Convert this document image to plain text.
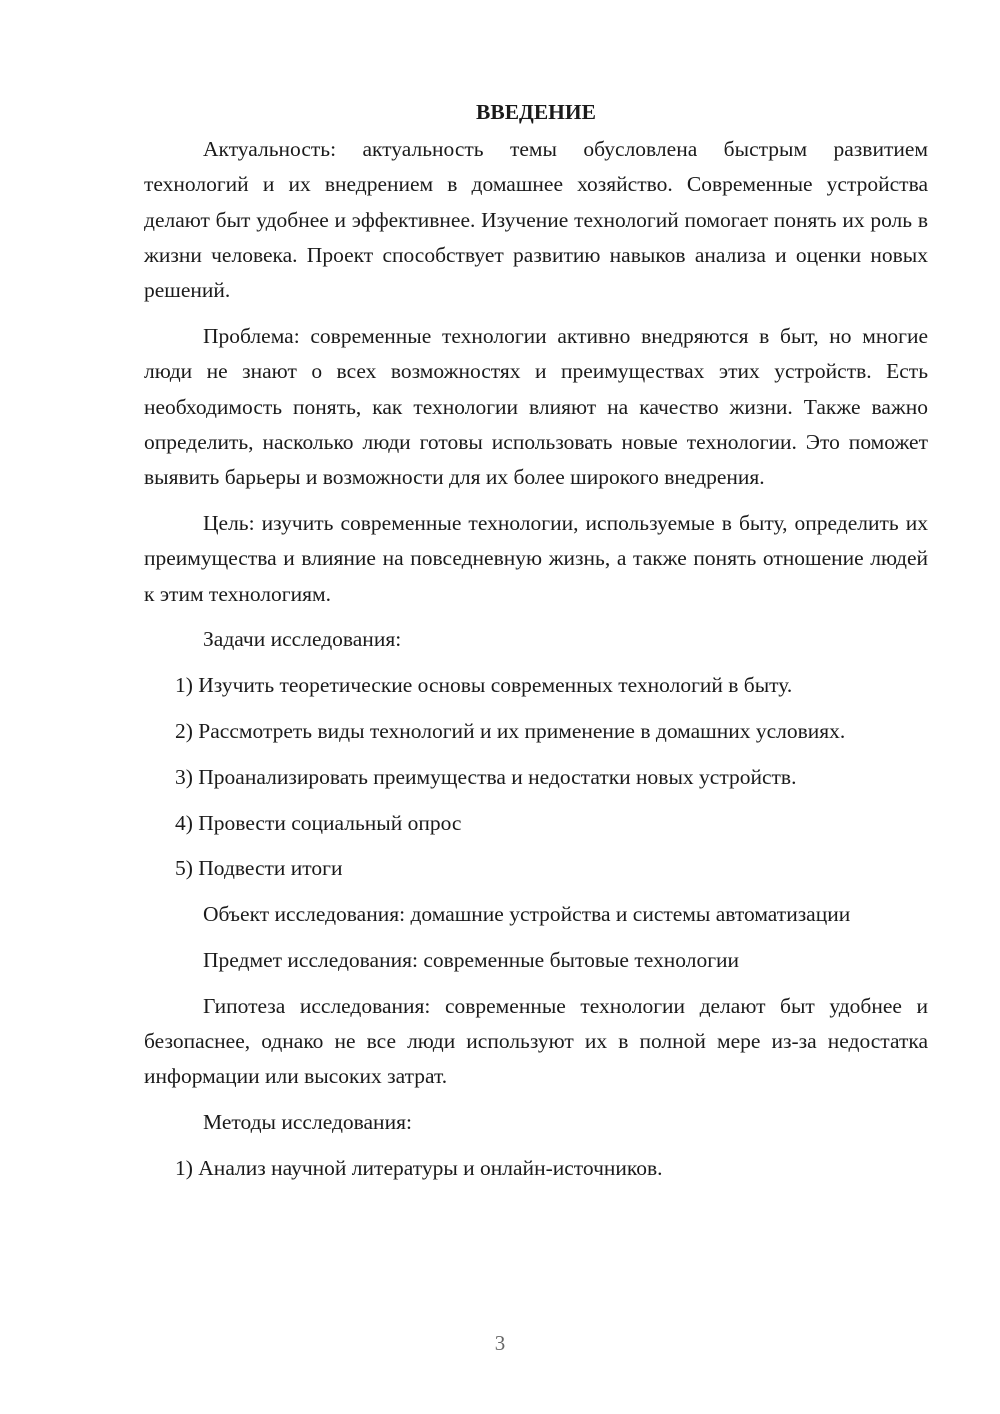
ВВЕДЕНИЕ

Актуальность: актуальность темы обусловлена быстрым развитием технологий и их внедрением в домашнее хозяйство. Современные устройства делают быт удобнее и эффективнее. Изучение технологий помогает понять их роль в жизни человека. Проект способствует развитию навыков анализа и оценки новых решений.

Проблема: современные технологии активно внедряются в быт, но многие люди не знают о всех возможностях и преимуществах этих устройств. Есть необходимость понять, как технологии влияют на качество жизни. Также важно определить, насколько люди готовы использовать новые технологии. Это поможет выявить барьеры и возможности для их более широкого внедрения.

Цель: изучить современные технологии, используемые в быту, определить их преимущества и влияние на повседневную жизнь, а также понять отношение людей к этим технологиям.

Задачи исследования:

1) Изучить теоретические основы современных технологий в быту.

2) Рассмотреть виды технологий и их применение в домашних условиях.

3) Проанализировать преимущества и недостатки новых устройств.

4) Провести социальный опрос

5) Подвести итоги

Объект исследования: домашние устройства и системы автоматизации

Предмет исследования: современные бытовые технологии

Гипотеза исследования: современные технологии делают быт удобнее и безопаснее, однако не все люди используют их в полной мере из-за недостатка информации или высоких затрат.

Методы исследования:

1) Анализ научной литературы и онлайн-источников.

3
